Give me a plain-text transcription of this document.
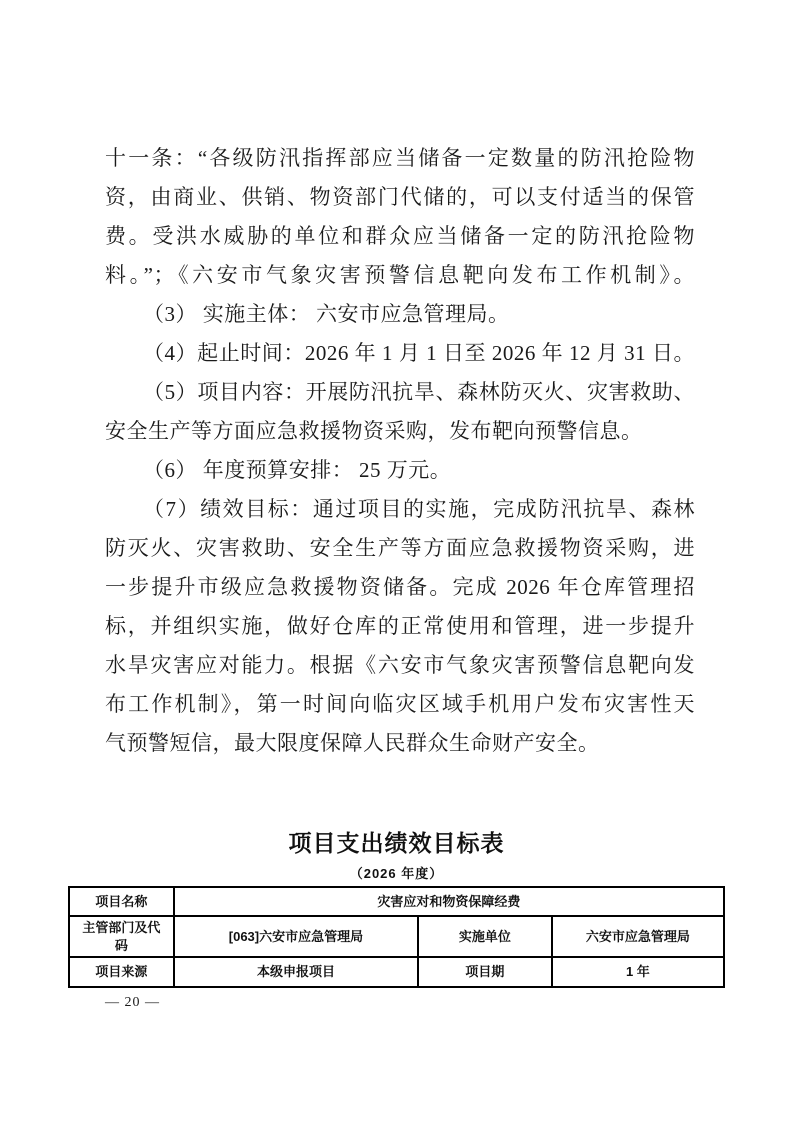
十一条：“各级防汛指挥部应当储备一定数量的防汛抢险物
资，由商业、供销、物资部门代储的，可以支付适当的保管
费。受洪水威胁的单位和群众应当储备一定的防汛抢险物
料。”；《六安市气象灾害预警信息靶向发布工作机制》。
（3） 实施主体： 六安市应急管理局。
（4）起止时间：2026 年 1 月 1 日至 2026 年 12 月 31 日。
（5）项目内容：开展防汛抗旱、森林防灭火、灾害救助、
安全生产等方面应急救援物资采购，发布靶向预警信息。
（6） 年度预算安排： 25 万元。
（7）绩效目标：通过项目的实施，完成防汛抗旱、森林
防灭火、灾害救助、安全生产等方面应急救援物资采购，进
一步提升市级应急救援物资储备。完成 2026 年仓库管理招
标，并组织实施，做好仓库的正常使用和管理，进一步提升
水旱灾害应对能力。根据《六安市气象灾害预警信息靶向发
布工作机制》，第一时间向临灾区域手机用户发布灾害性天
气预警短信，最大限度保障人民群众生命财产安全。
项目支出绩效目标表
（2026 年度）
项目名称	灾害应对和物资保障经费		
主管部门及代码	[063]六安市应急管理局	实施单位	六安市应急管理局
项目来源	本级申报项目	项目期	1 年
— 20 —
